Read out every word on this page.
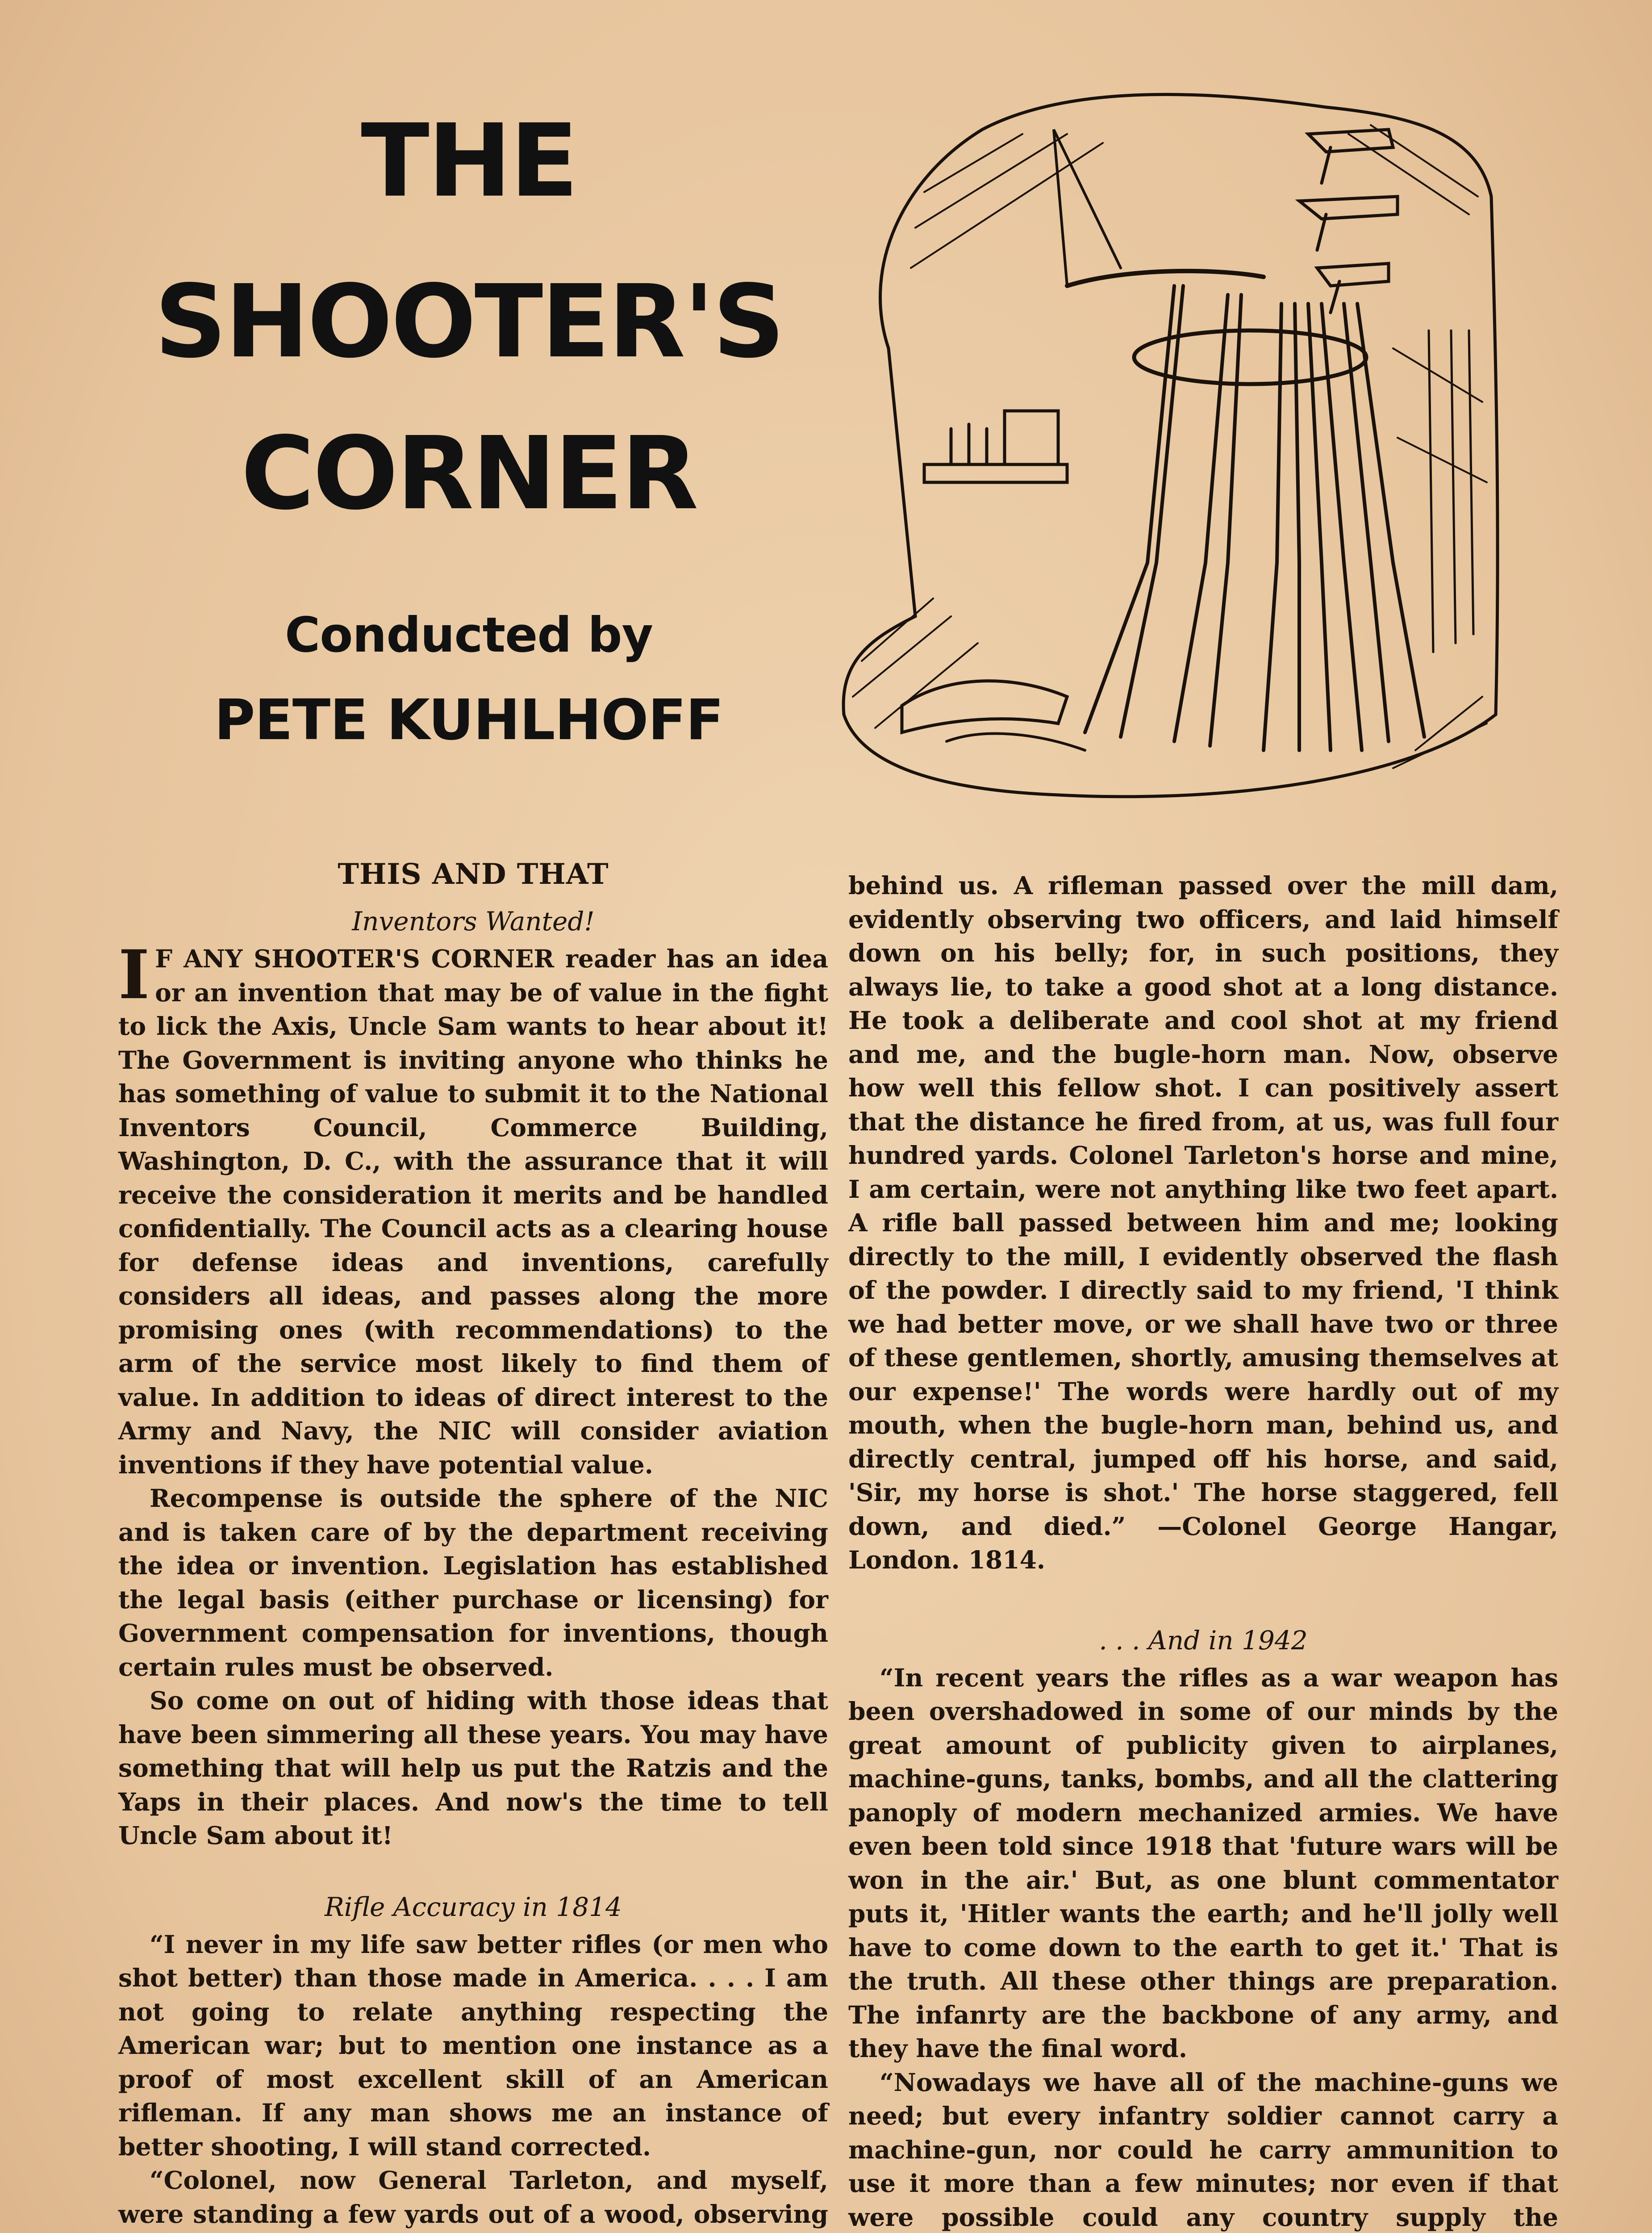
THE
SHOOTER'S
CORNER
Conducted by
PETE KUHLHOFF
THIS AND THAT
Inventors Wanted!

I F ANY SHOOTER'S CORNER reader has an idea or an invention that may be of value in the fight to lick the Axis, Uncle Sam wants to hear about it! The Government is inviting anyone who thinks he has something of value to submit it to the National Inventors Council, Commerce Building, Washington, D. C., with the assurance that it will receive the consideration it merits and be handled confidentially. The Council acts as a clearing house for defense ideas and inventions, carefully considers all ideas, and passes along the more promising ones (with recommendations) to the arm of the service most likely to find them of value. In addition to ideas of direct interest to the Army and Navy, the NIC will consider aviation inventions if they have potential value.

Recompense is outside the sphere of the NIC and is taken care of by the department receiving the idea or invention. Legislation has established the legal basis (either purchase or licensing) for Government compensation for inventions, though certain rules must be observed.

So come on out of hiding with those ideas that have been simmering all these years. You may have something that will help us put the Ratzis and the Yaps in their places. And now's the time to tell Uncle Sam about it!

Rifle Accuracy in 1814

“I never in my life saw better rifles (or men who shot better) than those made in America. . . . I am not going to relate anything respecting the American war; but to mention one instance as a proof of most excellent skill of an American rifleman. If any man shows me an instance of better shooting, I will stand corrected.

“Colonel, now General Tarleton, and myself, were standing a few yards out of a wood, observing

behind us. A rifleman passed over the mill dam, evidently observing two officers, and laid himself down on his belly; for, in such positions, they always lie, to take a good shot at a long distance. He took a deliberate and cool shot at my friend and me, and the bugle-horn man. Now, observe how well this fellow shot. I can positively assert that the distance he fired from, at us, was full four hundred yards. Colonel Tarleton's horse and mine, I am certain, were not anything like two feet apart. A rifle ball passed between him and me; looking directly to the mill, I evidently observed the flash of the powder. I directly said to my friend, 'I think we had better move, or we shall have two or three of these gentlemen, shortly, amusing themselves at our expense!' The words were hardly out of my mouth, when the bugle-horn man, behind us, and directly central, jumped off his horse, and said, 'Sir, my horse is shot.' The horse staggered, fell down, and died.” —Colonel George Hangar, London. 1814.

. . . And in 1942

“In recent years the rifles as a war weapon has been overshadowed in some of our minds by the great amount of publicity given to airplanes, machine-guns, tanks, bombs, and all the clattering panoply of modern mechanized armies. We have even been told since 1918 that 'future wars will be won in the air.' But, as one blunt commentator puts it, 'Hitler wants the earth; and he'll jolly well have to come down to the earth to get it.' That is the truth. All these other things are preparation. The infanrty are the backbone of any army, and they have the final word.

“Nowadays we have all of the machine-guns we need; but every infantry soldier cannot carry a machine-gun, nor could he carry ammunition to use it more than a few minutes; nor even if that were possible could any country supply the
